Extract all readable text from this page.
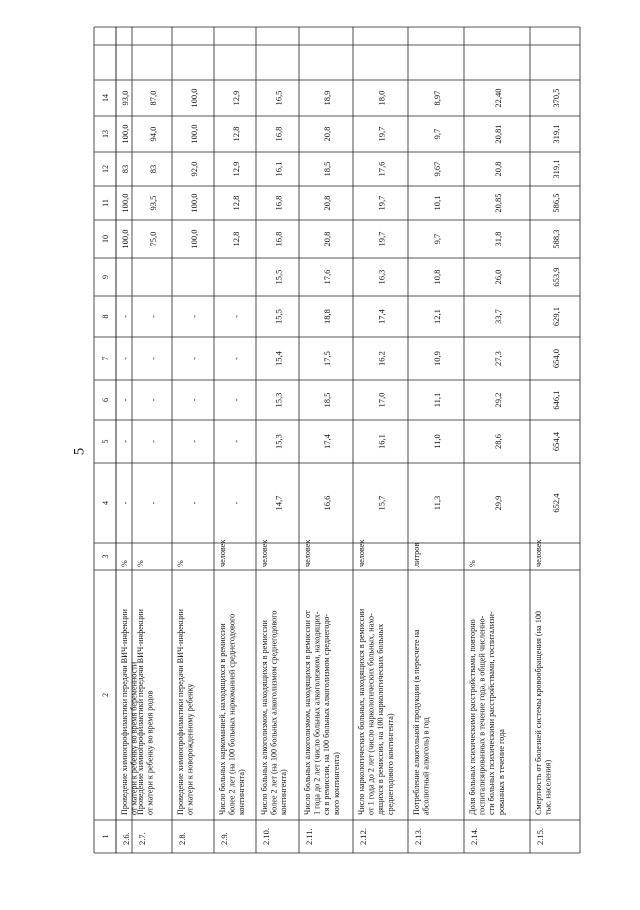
5
1
2
3
4
5
6
7
8
9
10
11
12
13
14
2.6.
Проведение химиопрофилактики передачи ВИЧ-инфекции от матери к ребенку во время беременности
%
-
-
-
-
-
100,0
100,0
83
100,0
93,0
2.7.
Проведение химиопрофилактики передачи ВИЧ-инфекции от матери к ребенку во время родов
%
-
-
-
-
-
75,0
93,5
83
94,0
87,0
2.8.
Проведение химиопрофилактики передачи ВИЧ-инфекции от матери к новорожденному ребенку
%
-
-
-
-
-
100,0
100,0
92,0
100,0
100,0
2.9.
Число больных наркоманией, находящихся в ремиссии более 2 лет (на 100 больных наркоманией среднегодового контингента)
человек
-
-
-
-
-
12,8
12,8
12,9
12,8
12,9
2.10.
Число больных алкоголизмом, находящихся в ремиссии более 2 лет (на 100 больных алкоголизмом среднегодового контингента)
человек
14,7
15,3
15,3
15,4
15,5
15,5
16,8
16,8
16,1
16,8
16,5
2.11.
Число больных алкоголизмом, находящихся в ремиссии от 1 года до 2 лет (число больных алкоголизмом, находящих- ся в ремиссии, на 100 больных алкоголизмом среднегодо- вого контингента)
человек
16,6
17,4
18,5
17,5
18,8
17,6
20,8
20,8
18,5
20,8
18,9
2.12.
Число наркологических больных, находящихся в ремиссии от 1 года до 2 лет (число наркологических больных, нахо- дящихся в ремиссии, на 100 наркологических больных среднегодового контингента)
человек
15,7
16,1
17,0
16,2
17,4
16,3
19,7
19,7
17,6
19,7
18,0
2.13.
Потребление алкогольной продукции (в пересчете на абсолютный алкоголь) в год
литров
11,3
11,0
11,1
10,9
12,1
10,8
9,7
10,1
9,67
9,7
8,97
2.14.
Доля больных психическими расстройствами, повторно госпитализированных в течение года, в общей численно- сти больных психическими расстройствами, госпитализи- рованных в течение года
%
29,9
28,6
29,2
27,3
33,7
26,0
31,8
20,85
20,8
20,81
22,40
2.15.
Смертность от болезней системы кровообращения (на 100 тыс. населения)
человек
652,4
654,4
646,1
654,0
629,1
653,9
588,3
586,5
319,1
319,1
370,5
